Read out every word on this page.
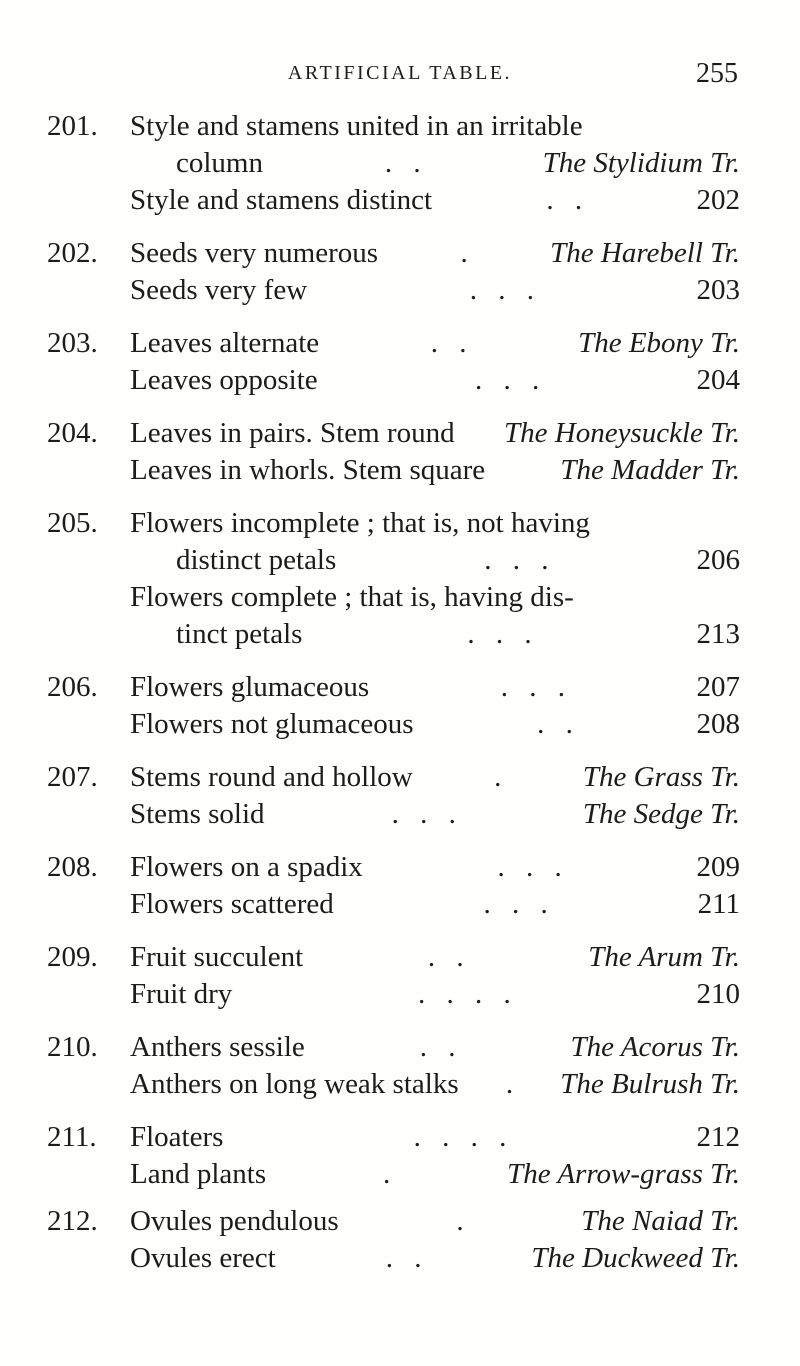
ARTIFICIAL TABLE.	255
201. Style and stamens united in an irritable
column	. .	The Stylidium Tr.
Style and stamens distinct	. .	202
202. Seeds very numerous	.	The Harebell Tr.
Seeds very few	. . .	203
203. Leaves alternate	. .	The Ebony Tr.
Leaves opposite	. . .	204
204. Leaves in pairs. Stem round The Honeysuckle Tr.
Leaves in whorls. Stem square	The Madder Tr.
205. Flowers incomplete ; that is, not having
distinct petals	. . .	206
Flowers complete ; that is, having dis-
tinct petals	. . .	213
206. Flowers glumaceous	. . .	207
Flowers not glumaceous	. .	208
207. Stems round and hollow	.	The Grass Tr.
Stems solid	. . .	The Sedge Tr.
208. Flowers on a spadix	. . .	209
Flowers scattered	. . .	211
209. Fruit succulent	. .	The Arum Tr.
Fruit dry	. . . .	210
210. Anthers sessile	. .	The Acorus Tr.
Anthers on long weak stalks . The Bulrush Tr.
211. Floaters	. . . .	212
Land plants	.	The Arrow-grass Tr.
212. Ovules pendulous	.	The Naiad Tr.
Ovules erect	. .	The Duckweed Tr.
